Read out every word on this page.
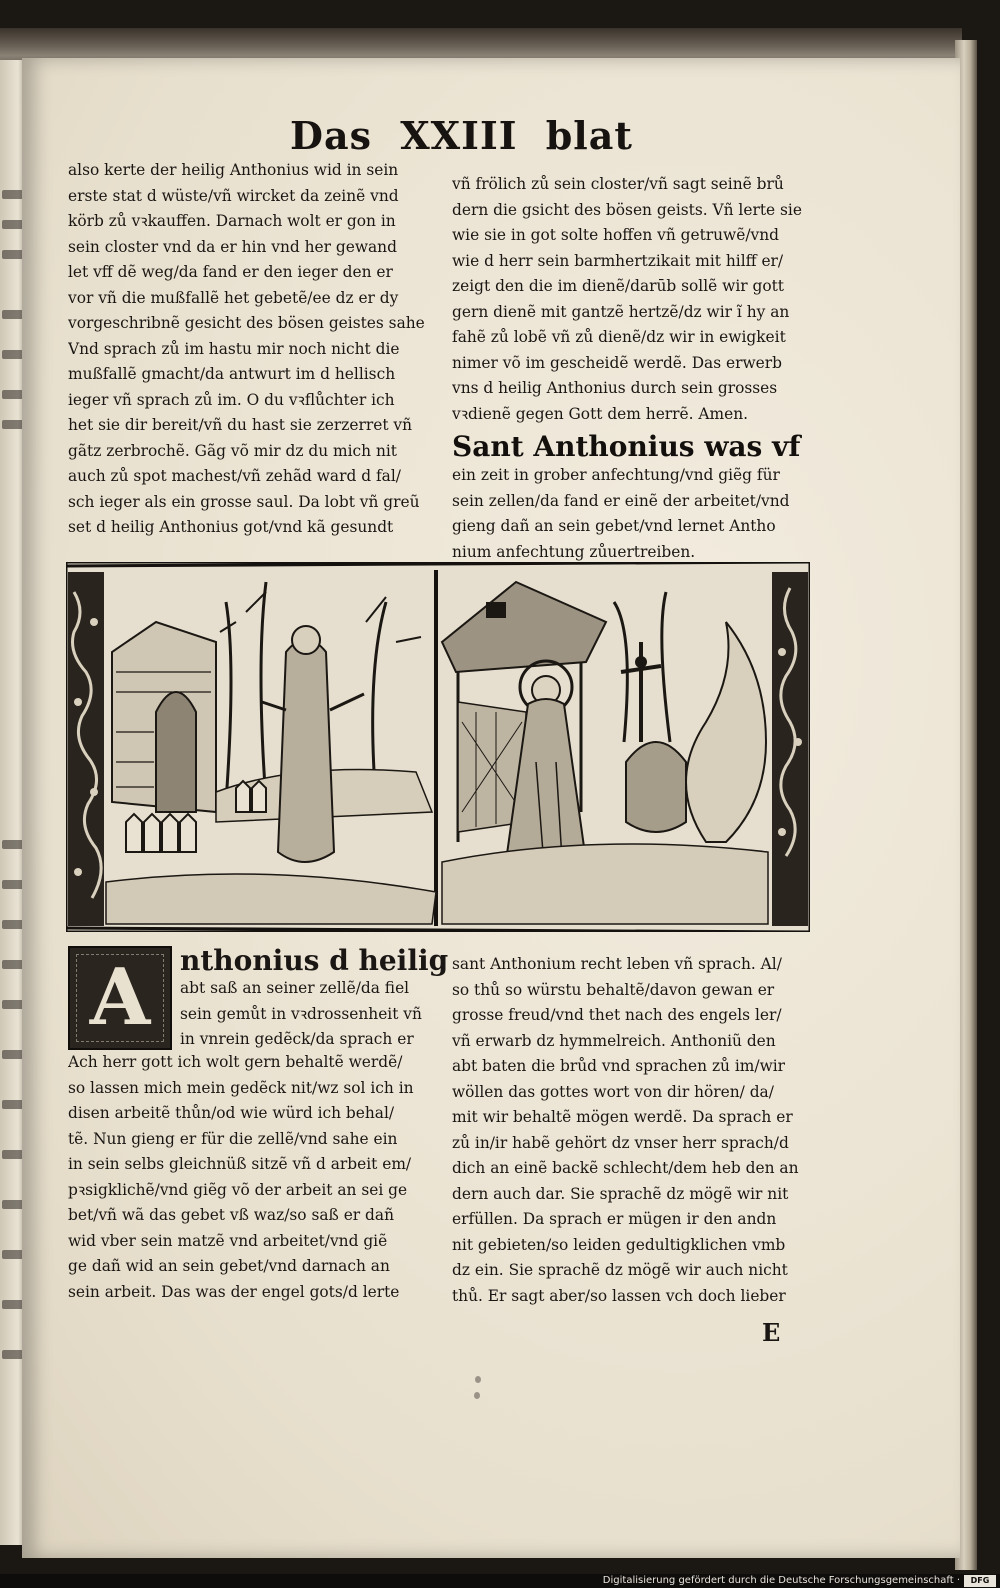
Das XXIII blat
also kerte der heilig Anthonius wid in sein
erste stat d wüste/vñ wircket da zeinẽ vnd
körb zů vꝛkauffen. Darnach wolt er gon in
sein closter vnd da er hin vnd her gewand
let vff dẽ weg/da fand er den ieger den er
vor vñ die mußfallẽ het gebetẽ/ee dz er dy
vorgeschribnẽ gesicht des bösen geistes sahe
Vnd sprach zů im hastu mir noch nicht die
mußfallẽ gmacht/da antwurt im d hellisch
ieger vñ sprach zů im. O du vꝛflůchter ich
het sie dir bereit/vñ du hast sie zerzerret vñ
gãtz zerbrochẽ. Gãg võ mir dz du mich nit
auch zů spot machest/vñ zehãd ward d fal/
sch ieger als ein grosse saul. Da lobt vñ greũ
set d heilig Anthonius got/vnd kã gesundt
vñ frölich zů sein closter/vñ sagt seinẽ brů
dern die gsicht des bösen geists. Vñ lerte sie
wie sie in got solte hoffen vñ getruwẽ/vnd
wie d herr sein barmhertzikait mit hilff er/
zeigt den die im dienẽ/darūb sollẽ wir gott
gern dienẽ mit gantzẽ hertzẽ/dz wir ĩ hy an
fahẽ zů lobẽ vñ zů dienẽ/dz wir in ewigkeit
nimer võ im gescheidẽ werdẽ. Das erwerb
vns d heilig Anthonius durch sein grosses
vꝛdienẽ gegen Gott dem herrẽ. Amen.
Sant Anthonius was vf
ein zeit in grober anfechtung/vnd giẽg für
sein zellen/da fand er einẽ der arbeitet/vnd
gieng dañ an sein gebet/vnd lernet Antho
nium anfechtung zůuertreiben.
A nthonius d heilig
abt saß an seiner zellẽ/da fiel
sein gemůt in vꝛdrossenheit vñ
in vnrein gedẽck/da sprach er
Ach herr gott ich wolt gern behaltẽ werdẽ/
so lassen mich mein gedẽck nit/wz sol ich in
disen arbeitẽ thůn/od wie würd ich behal/
tẽ. Nun gieng er für die zellẽ/vnd sahe ein
in sein selbs gleichnüß sitzẽ vñ d arbeit em/
pꝛsigklichẽ/vnd giẽg võ der arbeit an sei ge
bet/vñ wã das gebet vß waz/so saß er dañ
wid vber sein matzẽ vnd arbeitet/vnd giẽ
ge dañ wid an sein gebet/vnd darnach an
sein arbeit. Das was der engel gots/d lerte
sant Anthonium recht leben vñ sprach. Al/
so thů so würstu behaltẽ/davon gewan er
grosse freud/vnd thet nach des engels ler/
vñ erwarb dz hymmelreich. Anthoniũ den
abt baten die brůd vnd sprachen zů im/wir
wöllen das gottes wort von dir hören/ da/
mit wir behaltẽ mögen werdẽ. Da sprach er
zů in/ir habẽ gehört dz vnser herr sprach/d
dich an einẽ backẽ schlecht/dem heb den an
dern auch dar. Sie sprachẽ dz mögẽ wir nit
erfüllen. Da sprach er mügen ir den andn
nit gebieten/so leiden gedultigklichen vmb
dz ein. Sie sprachẽ dz mögẽ wir auch nicht
thů. Er sagt aber/so lassen vch doch lieber
E
Digitalisierung gefördert durch die Deutsche Forschungsgemeinschaft ·	DFG
